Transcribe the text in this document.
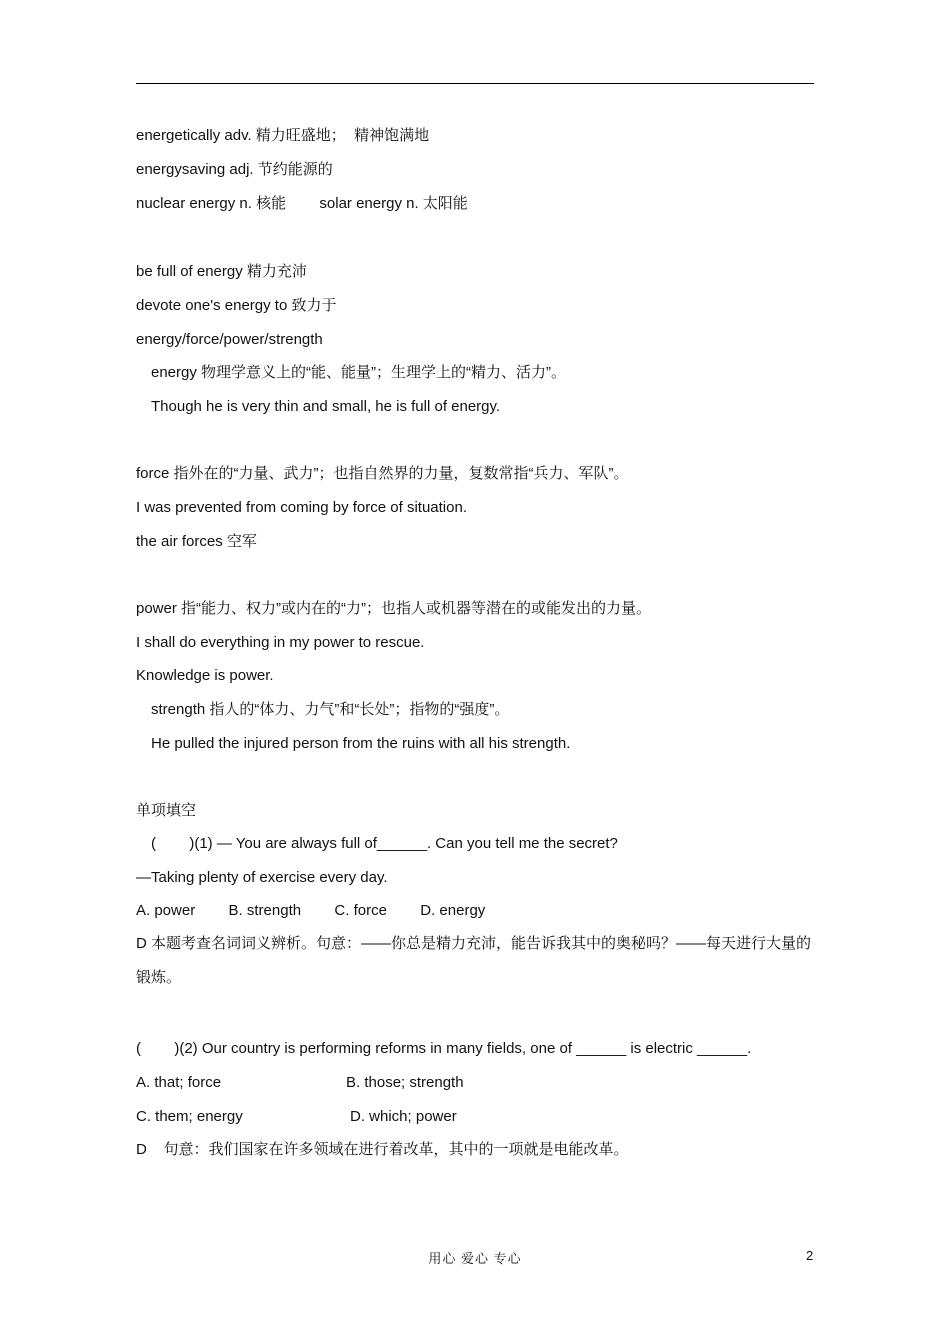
energetically adv. 精力旺盛地；  精神饱满地
energysaving adj. 节约能源的
nuclear energy n. 核能        solar energy n. 太阳能
be full of energy 精力充沛
devote one's energy to 致力于
energy/force/power/strength
energy 物理学意义上的“能、能量”；生理学上的“精力、活力”。
Though he is very thin and small, he is full of energy.
force 指外在的“力量、武力”；也指自然界的力量，复数常指“兵力、军队”。
I was prevented from coming by force of situation.
the air forces 空军
power 指“能力、权力”或内在的“力”；也指人或机器等潜在的或能发出的力量。
I shall do everything in my power to rescue.
Knowledge is power.
strength 指人的“体力、力气”和“长处”；指物的“强度”。
He pulled the injured person from the ruins with all his strength.
单项填空
(        )(1) — You are always full of______. Can you tell me the secret?
—Taking plenty of exercise every day.
A. power        B. strength        C. force        D. energy
D 本题考查名词词义辨析。句意：——你总是精力充沛，能告诉我其中的奥秘吗？——每天进行大量的锻炼。
(        )(2) Our country is performing reforms in many fields, one of ______ is electric ______.
A. that; force	B. those; strength
C. them; energy	D. which; power
D    句意：我们国家在许多领域在进行着改革，其中的一项就是电能改革。
用心 爱心 专心	2
